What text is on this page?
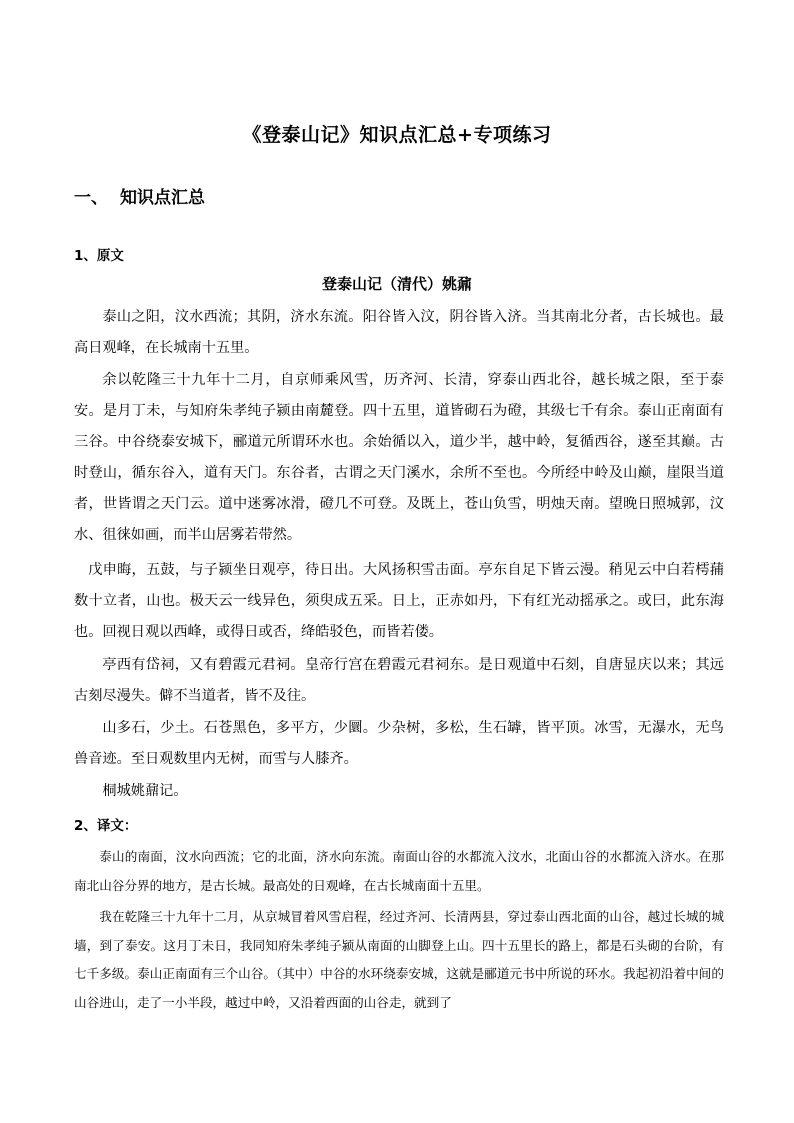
《登泰山记》知识点汇总+专项练习
一、 知识点汇总
1、原文
登泰山记（清代）姚鼐

泰山之阳，汶水西流；其阴，济水东流。阳谷皆入汶，阴谷皆入济。当其南北分者，古长城也。最高日观峰，在长城南十五里。

余以乾隆三十九年十二月，自京师乘风雪，历齐河、长清，穿泰山西北谷，越长城之限，至于泰安。是月丁未，与知府朱孝纯子颍由南麓登。四十五里，道皆砌石为磴，其级七千有余。泰山正南面有三谷。中谷绕泰安城下，郦道元所谓环水也。余始循以入，道少半，越中岭，复循西谷，遂至其巅。古时登山，循东谷入，道有天门。东谷者，古谓之天门溪水，余所不至也。今所经中岭及山巅，崖限当道者，世皆谓之天门云。道中迷雾冰滑，磴几不可登。及既上，苍山负雪，明烛天南。望晚日照城郭，汶水、徂徕如画，而半山居雾若带然。

戊申晦，五鼓，与子颍坐日观亭，待日出。大风扬积雪击面。亭东自足下皆云漫。稍见云中白若樗蒱数十立者，山也。极天云一线异色，须臾成五采。日上，正赤如丹，下有红光动摇承之。或曰，此东海也。回视日观以西峰，或得日或否，绛皓驳色，而皆若偻。

亭西有岱祠，又有碧霞元君祠。皇帝行宫在碧霞元君祠东。是日观道中石刻，自唐显庆以来；其远古刻尽漫失。僻不当道者，皆不及往。

山多石，少土。石苍黑色，多平方，少圜。少杂树，多松，生石罅，皆平顶。冰雪，无瀑水，无鸟兽音迹。至日观数里内无树，而雪与人膝齐。

桐城姚鼐记。

2、译文：

泰山的南面，汶水向西流；它的北面，济水向东流。南面山谷的水都流入汶水，北面山谷的水都流入济水。在那南北山谷分界的地方，是古长城。最高处的日观峰，在古长城南面十五里。

我在乾隆三十九年十二月，从京城冒着风雪启程，经过齐河、长清两县，穿过泰山西北面的山谷，越过长城的城墙，到了泰安。这月丁未日，我同知府朱孝纯子颍从南面的山脚登上山。四十五里长的路上，都是石头砌的台阶，有七千多级。泰山正南面有三个山谷。（其中）中谷的水环绕泰安城，这就是郦道元书中所说的环水。我起初沿着中间的山谷进山，走了一小半段，越过中岭，又沿着西面的山谷走，就到了
